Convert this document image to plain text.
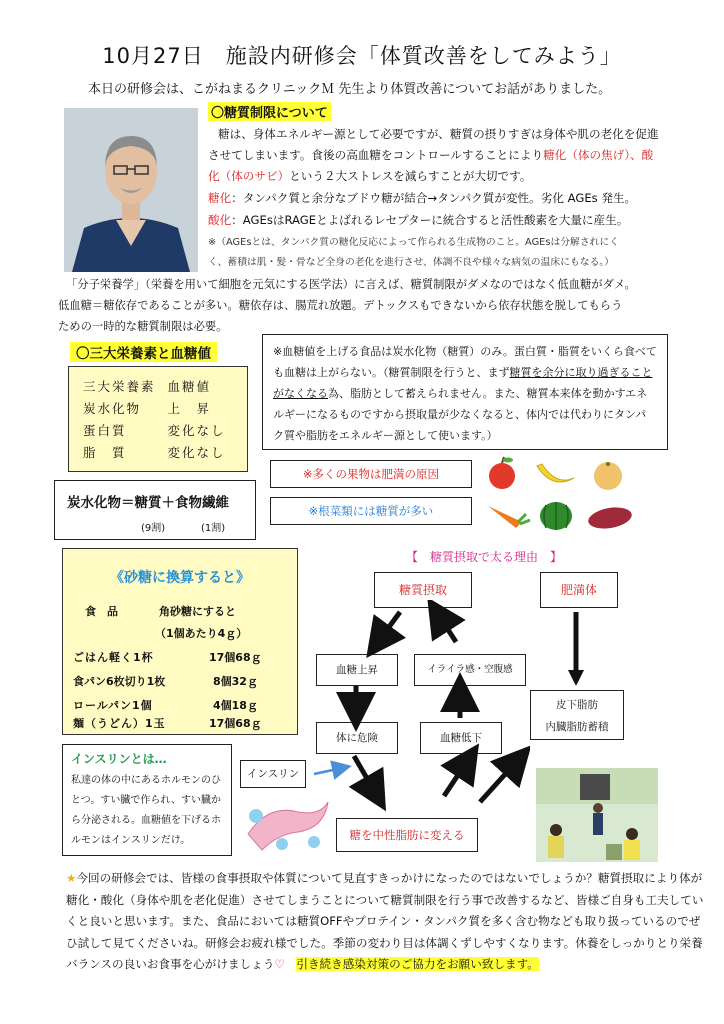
10月27日　施設内研修会「体質改善をしてみよう」
本日の研修会は、こがねまるクリニックＭ 先生より体質改善についてお話がありました。
〇糖質制限について
糖は、身体エネルギー源として必要ですが、糖質の摂りすぎは身体や肌の老化を促進
させてしまいます。食後の高血糖をコントロールすることにより糖化（体の焦げ）、酸
化（体のサビ）という２大ストレスを減らすことが大切です。
糖化：タンパク質と余分なブドウ糖が結合→タンパク質が変性。劣化 AGEs 発生。
酸化：AGEsはRAGEとよばれるレセプターに統合すると活性酸素を大量に産生。
※（AGEsとは、タンパク質の糖化反応によって作られる生成物のこと。AGEsは分解されにく
く、蓄積は肌・髪・骨など全身の老化を進行させ、体調不良や様々な病気の温床にもなる。）
「分子栄養学」（栄養を用いて細胞を元気にする医学法）に言えば、糖質制限がダメなのではなく低血糖がダメ。
低血糖＝糖依存であることが多い。糖依存は、腸荒れ放題。デトックスもできないから依存状態を脱してもらう
ための一時的な糖質制限は必要。
〇三大栄養素と血糖値
三大栄養素	血糖値
炭水化物	上　昇
蛋白質	変化なし
脂　質	変化なし
炭水化物＝糖質＋食物繊維
(9割)	(1割)
※血糖値を上げる食品は炭水化物（糖質）のみ。蛋白質・脂質をいくら食べても血糖は上がらない。（糖質制限を行うと、まず糖質を余分に取り過ぎることがなくなる為、脂肪として蓄えられません。また、糖質本来体を動かすエネルギーになるものですから摂取量が少なくなると、体内では代わりにタンパク質や脂肪をエネルギー源として使います。）
※多くの果物は肥満の原因
※根菜類には糖質が多い
《砂糖に換算すると》
食　品	角砂糖にすると
（1個あたり4ｇ）
ごはん軽く1杯	17個68ｇ
食パン6枚切り1枚	8個32ｇ
ロールパン1個	4個18ｇ
麺（うどん）1玉	17個68ｇ
インスリンとは…
私達の体の中にあるホルモンのひとつ。すい臓で作られ、すい臓から分泌される。血糖値を下げるホルモンはインスリンだけ。
【　糖質摂取で太る理由　】
糖質摂取	肥満体
血糖上昇	イライラ感・空腹感
皮下脂肪
内臓脂肪蓄積
体に危険	血糖低下
インスリン
糖を中性脂肪に変える
★今回の研修会では、皆様の食事摂取や体質について見直すきっかけになったのではないでしょうか？糖質摂取により体が糖化・酸化（身体や肌を老化促進）させてしまうことについて糖質制限を行う事で改善するなど、皆様ご自身も工夫していくと良いと思います。また、食品においては糖質OFFやプロテイン・タンパク質を多く含む物なども取り扱っているのでぜひ試して見てくださいね。研修会お疲れ様でした。季節の変わり目は体調くずしやすくなります。休養をしっかりとり栄養バランスの良いお食事を心がけましょう♡　 引き続き感染対策のご協力をお願い致します。
